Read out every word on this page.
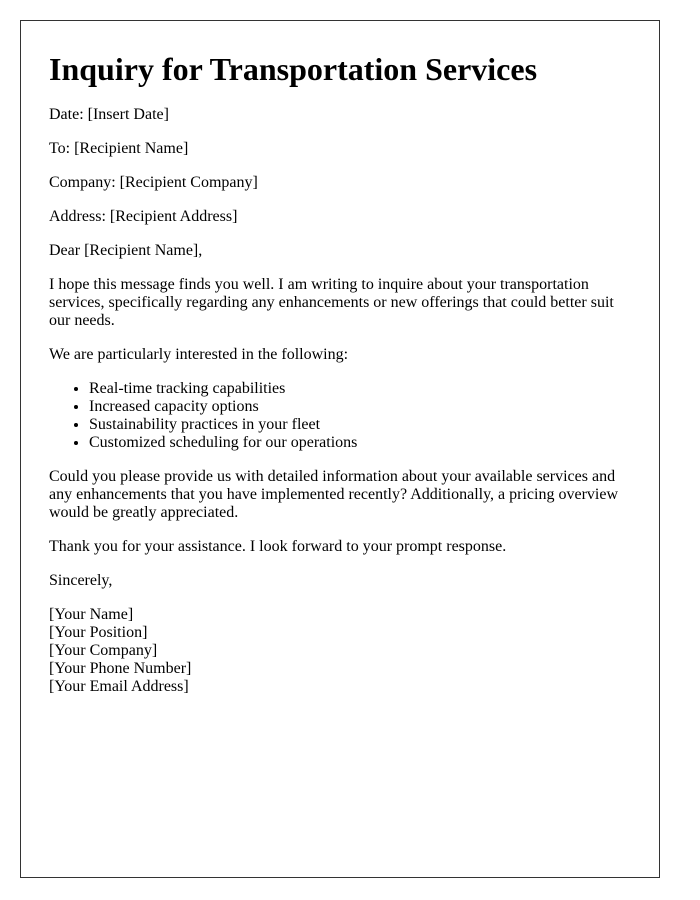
Inquiry for Transportation Services

Date: [Insert Date]

To: [Recipient Name]

Company: [Recipient Company]

Address: [Recipient Address]

Dear [Recipient Name],

I hope this message finds you well. I am writing to inquire about your transportation services, specifically regarding any enhancements or new offerings that could better suit our needs.

We are particularly interested in the following:

• Real-time tracking capabilities
• Increased capacity options
• Sustainability practices in your fleet
• Customized scheduling for our operations

Could you please provide us with detailed information about your available services and any enhancements that you have implemented recently? Additionally, a pricing overview would be greatly appreciated.

Thank you for your assistance. I look forward to your prompt response.

Sincerely,

[Your Name]
[Your Position]
[Your Company]
[Your Phone Number]
[Your Email Address]
